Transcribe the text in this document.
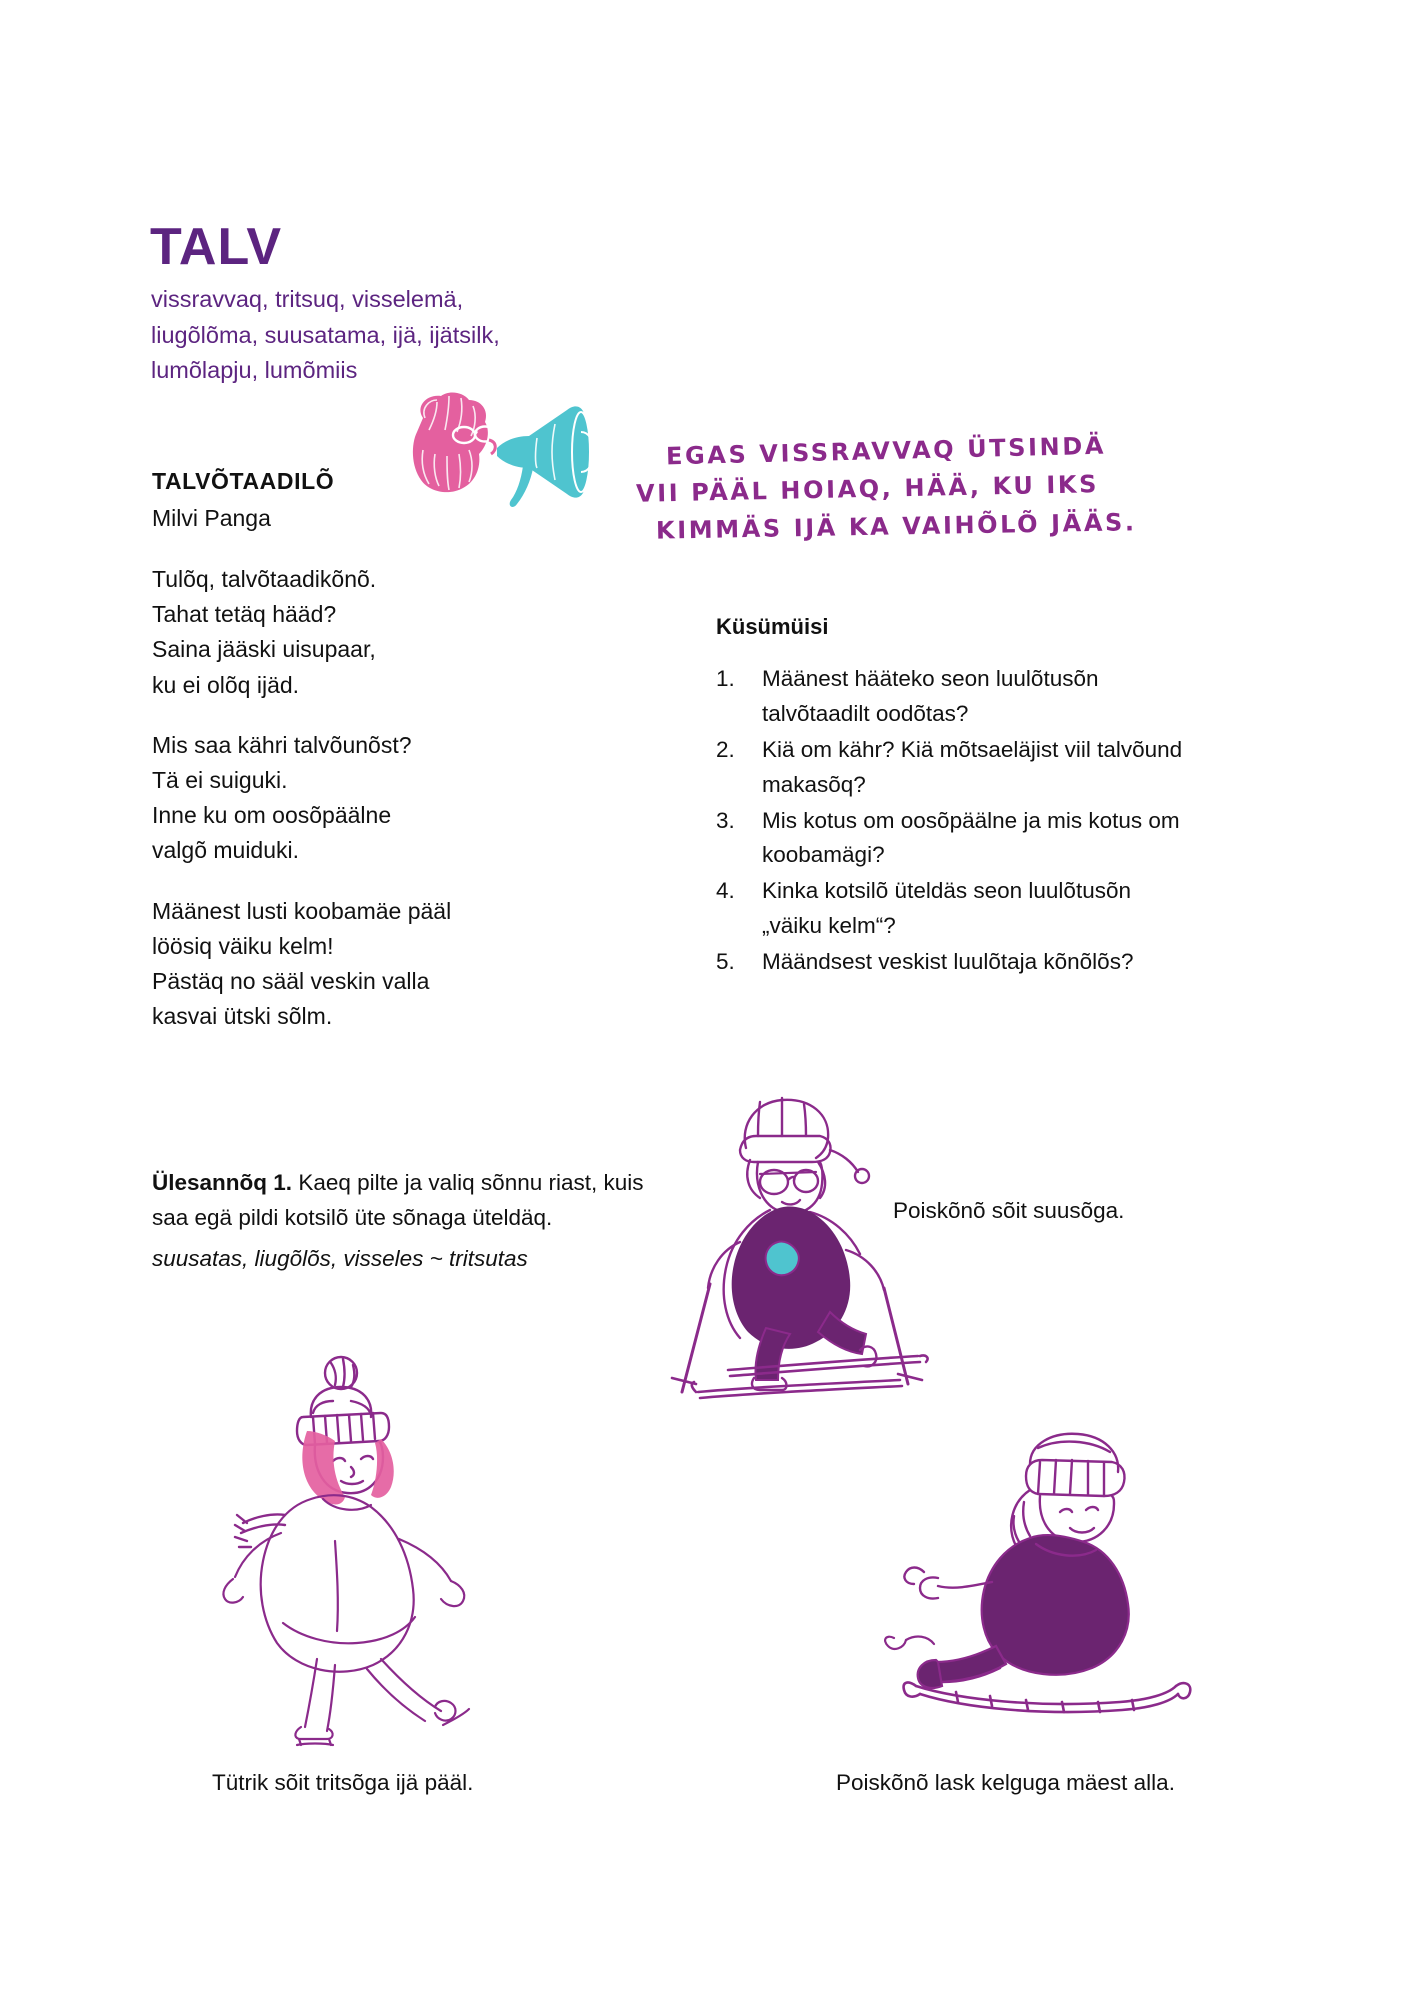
TALV
vissravvaq, tritsuq, visselemä,
liugõlõma, suusatama, ijä, ijätsilk,
lumõlapju, lumõmiis
EGAS VISSRAVVAQ ÜTSINDÄ
VII PÄÄL HOIAQ, HÄÄ, KU IKS
KIMMÄS IJÄ KA VAIHÕLÕ JÄÄS.
TALVÕTAADILÕ
Milvi Panga
Tulõq, talvõtaadikõnõ.
Tahat tetäq hääd?
Saina jääski uisupaar,
ku ei olõq ijäd.
Mis saa kähri talvõunõst?
Tä ei suiguki.
Inne ku om oosõpäälne
valgõ muiduki.
Määnest lusti koobamäe pääl
löösiq väiku kelm!
Pästäq no sääl veskin valla
kasvai ütski sõlm.
Küsümüisi
1.	Määnest hääteko seon luulõtusõn talvõtaadilt oodõtas?
2.	Kiä om kähr? Kiä mõtsaeläjist viil talvõund makasõq?
3.	Mis kotus om oosõpäälne ja mis kotus om koobamägi?
4.	Kinka kotsilõ üteldäs seon luulõtusõn „väiku kelm“?
5.	Määndsest veskist luulõtaja kõnõlõs?
Ülesannõq 1. Kaeq pilte ja valiq sõnnu riast, kuis saa egä pildi kotsilõ üte sõnaga üteldäq.
suusatas, liugõlõs, visseles ~ tritsutas
Poiskõnõ sõit suusõga.
Tütrik sõit tritsõga ijä pääl.	Poiskõnõ lask kelguga mäest alla.
